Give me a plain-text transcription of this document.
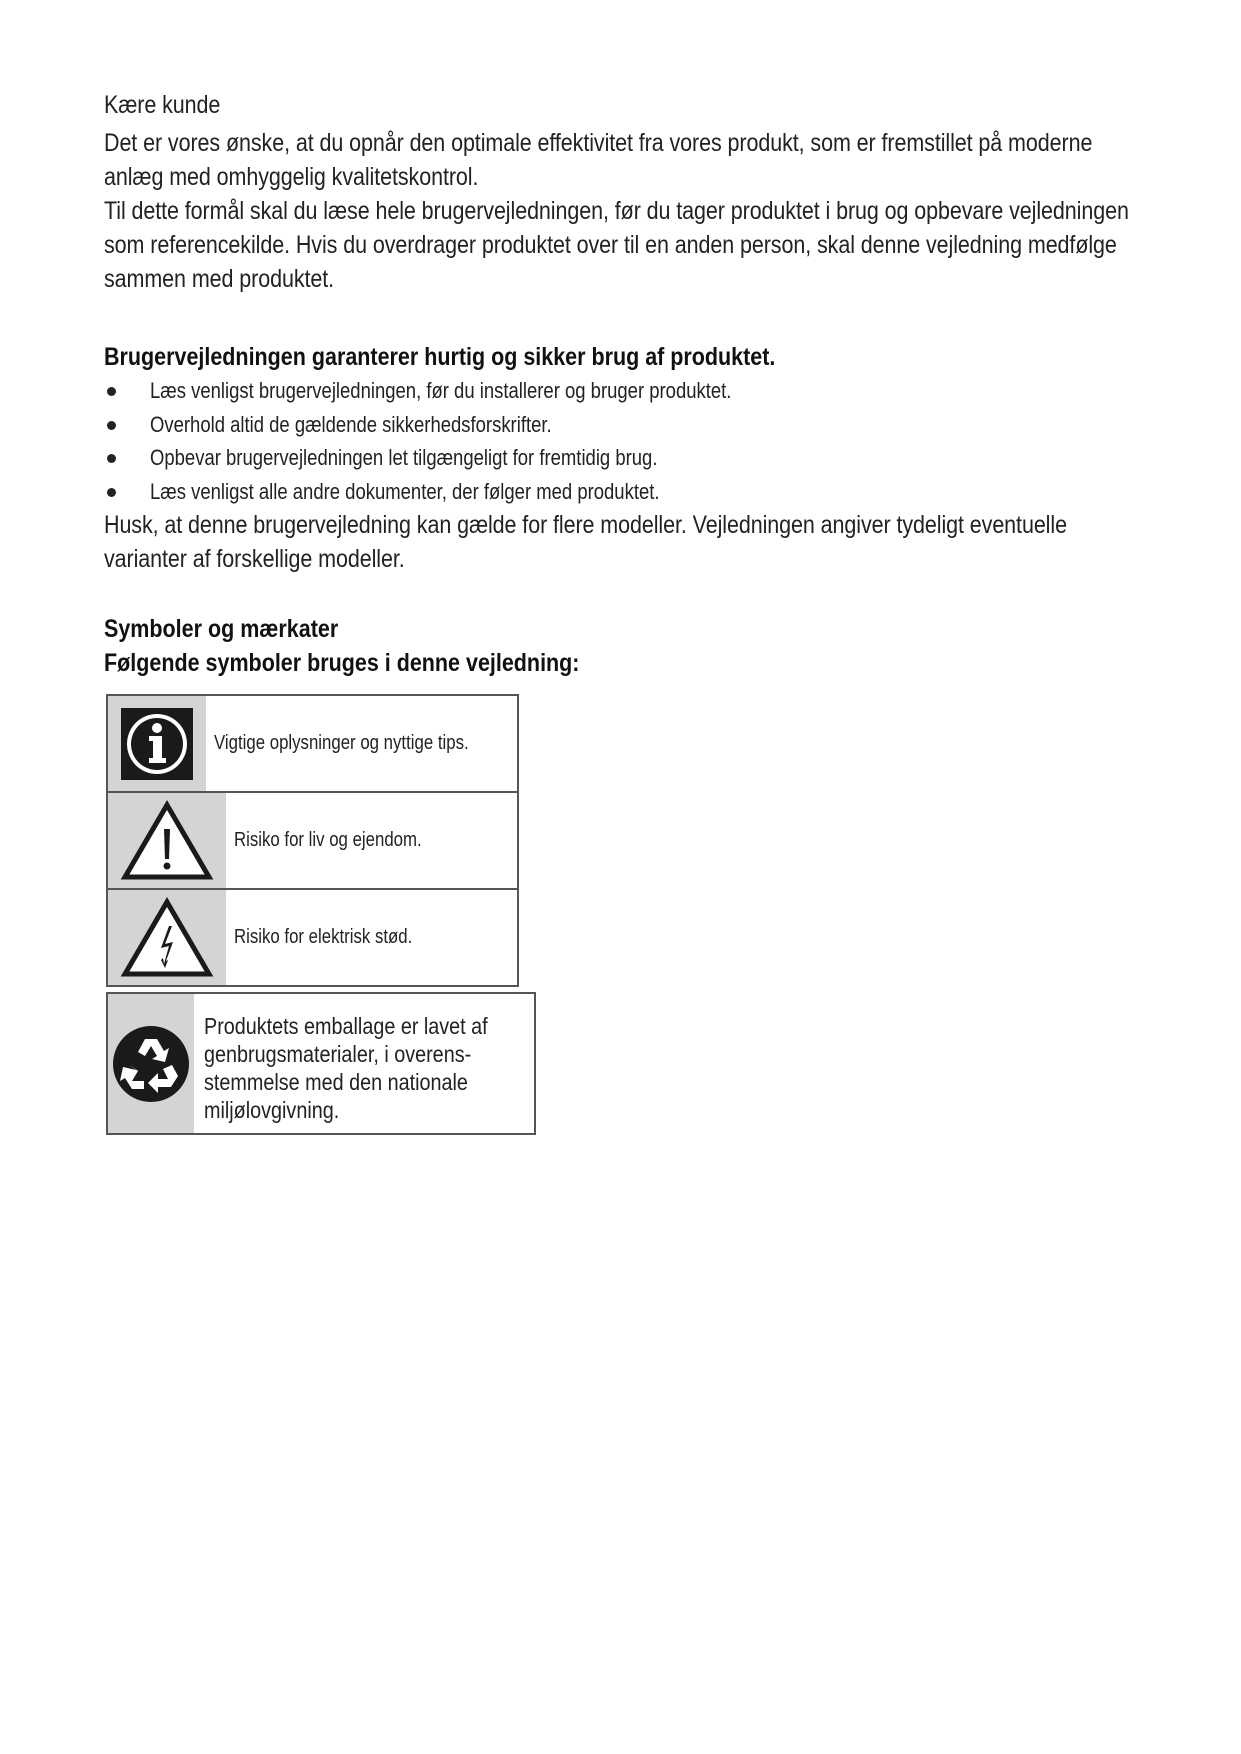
Kære kunde

Det er vores ønske, at du opnår den optimale effektivitet fra vores produkt, som er fremstillet på moderne anlæg med omhyggelig kvalitetskontrol.

Til dette formål skal du læse hele brugervejledningen, før du tager produktet i brug og opbevare vejledningen som referencekilde. Hvis du overdrager produktet over til en anden person, skal denne vejledning medfølge sammen med produktet.

Brugervejledningen garanterer hurtig og sikker brug af produktet.

Læs venligst brugervejledningen, før du installerer og bruger produktet.
Overhold altid de gældende sikkerhedsforskrifter.
Opbevar brugervejledningen let tilgængeligt for fremtidig brug.
Læs venligst alle andre dokumenter, der følger med produktet.

Husk, at denne brugervejledning kan gælde for flere modeller. Vejledningen angiver tydeligt eventuelle varianter af forskellige modeller.

Symboler og mærkater

Følgende symboler bruges i denne vejledning:

Vigtige oplysninger og nyttige tips.
Risiko for liv og ejendom.
Risiko for elektrisk stød.
Produktets emballage er lavet af
genbrugsmaterialer, i overens-
stemmelse med den nationale
miljølovgivning.
